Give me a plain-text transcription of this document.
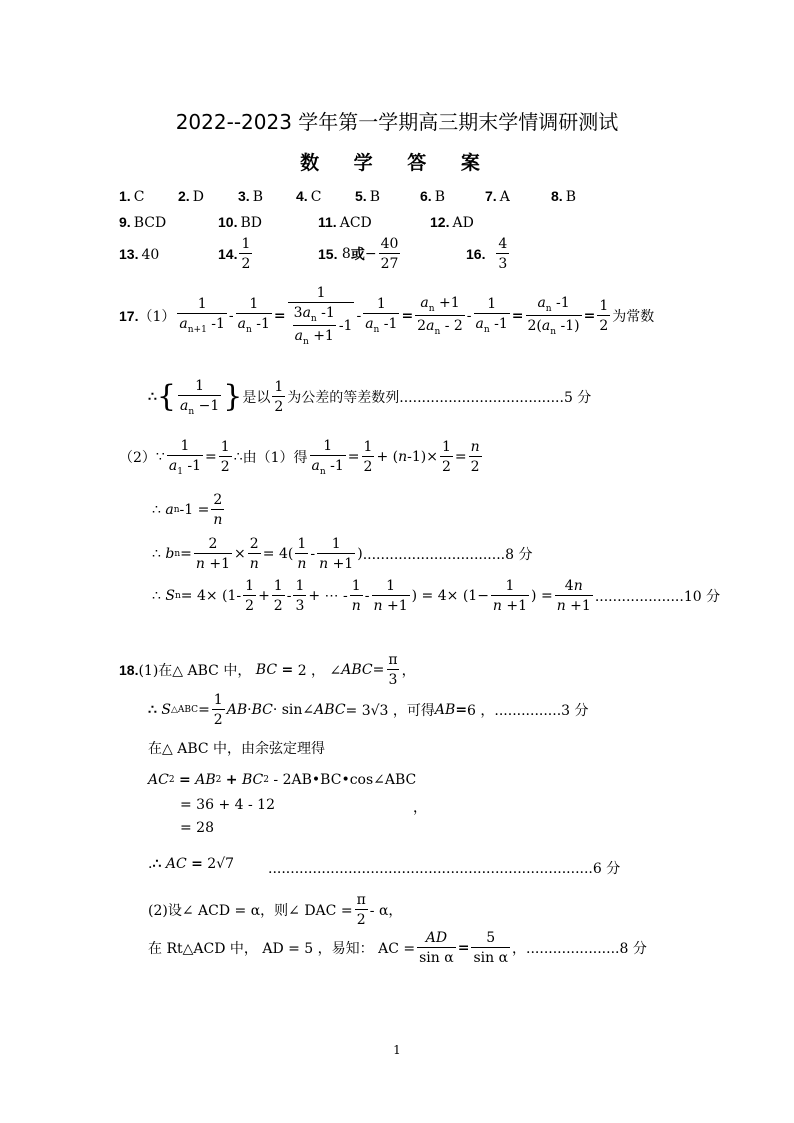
2022--2023 学年第一学期高三期末学情调研测试
数 学 答 案
1. C 2. D 3. B 4. C 5. B	6. B	7. A	8. B
9. BCD	10. BD	11. ACD	12. AD
13. 40	14. $\frac{1}{2}$	15. 8 或 − $\frac{40}{27}$	16.
$\frac{4}{3}$
17. $(1) \frac{1}{a_{n+1} -1} - \frac{1}{a_n -1} = \frac{1}{\frac{3a_n -1}{a_n +1} -1} - \frac{1}{a_n -1} = \frac{a_n +1}{2a_n - 2} - \frac{1}{a_n -1} = \frac{a_n -1}{2(a_n -1)} = \frac{1}{2}$ 为常数
∴ { $\frac{1}{a_n -1}$ } 是以 $\frac{1}{2}$ 为公差的等差数列.....................................5 分
（2） ∵ $\frac{1}{a_1 -1} = \frac{1}{2}$ ∴ 由（1）得 $\frac{1}{a_n -1} = \frac{1}{2}$ + ( n $-1)\times \frac{1}{2} = \frac{n}{2}$
∴ a n $-1 = \frac{2}{n}$
∴ b $n = \frac{2}{n +1} \times \frac{2}{n} = 4( \frac{1}{n} - \frac{1}{n +1}$ ) ................................8 分
∴ S $n = 4\times (1- \frac{1}{2} + \frac{1}{2} - \frac{1}{3}$ + ⋯ - $\frac{1}{n} - \frac{1}{n +1}$ ) = $4\times (1- \frac{1}{n +1}$ ) = $\frac{4n}{n +1} ....................10$ 分
18. (1)在△ ABC 中，
BC
= 2 ， ∠ ABC = $\frac{\pi}{3}$ ，
∴
S △ABC = $\frac{1}{2}$ AB · BC · sin∠ ABC = 3√3 ，可得 AB = 6 ，...............3 分
在△ ABC 中，由余弦定理得
AC 2
=
AB 2
+
BC 2 - 2AB•BC•cos∠ABC
= 36 + 4 - 12	，
= 28
. ∴
AC
= 2√7 .........................................................................6 分
(2)设∠ ACD = α，则∠ DAC = $\frac{\pi}{2}$ - α，
在 Rt△ACD 中， AD = 5 ，易知： AC = $\frac{AD}{\text{sin α}} = \frac{5}{\text{sin α}}$ ，.....................8 分
1
